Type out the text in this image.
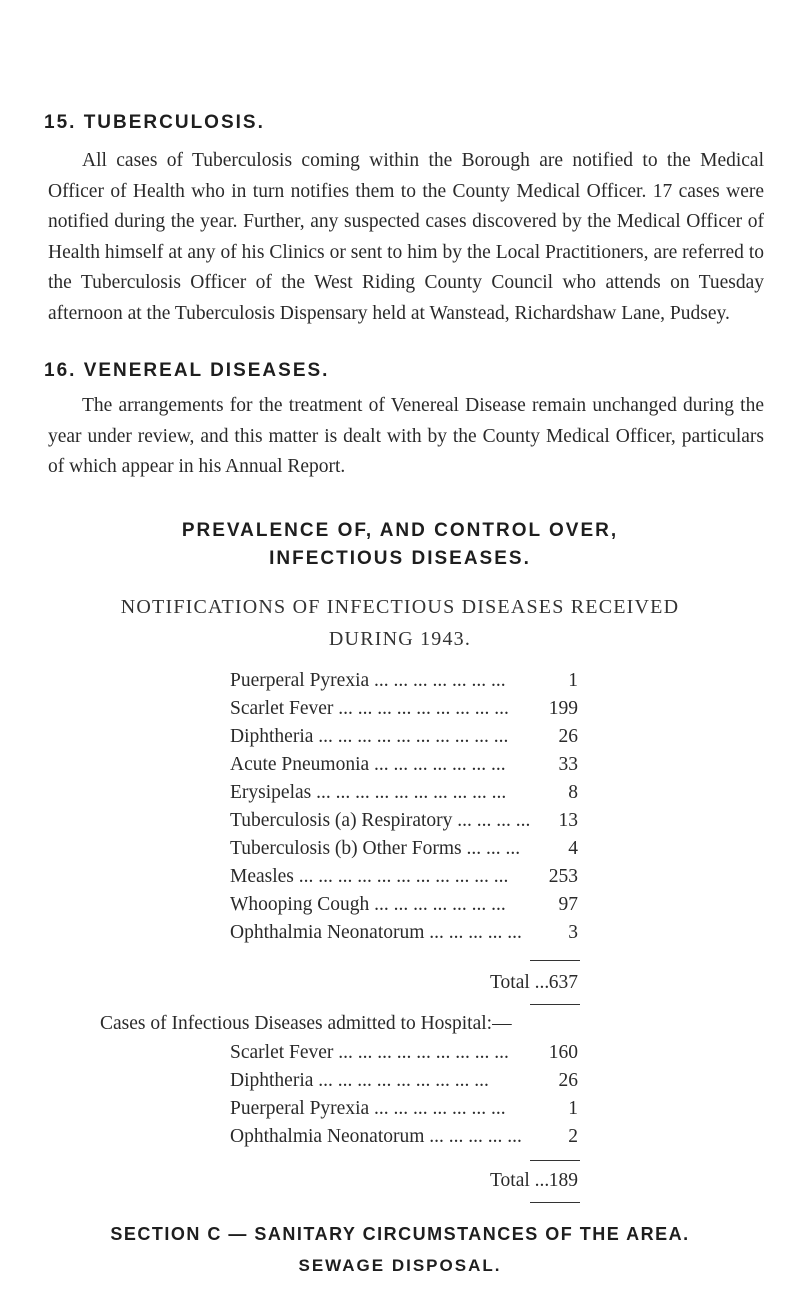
15. TUBERCULOSIS.
All cases of Tuberculosis coming within the Borough are notified to the Medical Officer of Health who in turn notifies them to the County Medical Officer. 17 cases were notified during the year. Further, any suspected cases discovered by the Medical Officer of Health himself at any of his Clinics or sent to him by the Local Practitioners, are referred to the Tuberculosis Officer of the West Riding County Council who attends on Tuesday afternoon at the Tuberculosis Dispensary held at Wanstead, Richardshaw Lane, Pudsey.
16. VENEREAL DISEASES.
The arrangements for the treatment of Venereal Disease remain unchanged during the year under review, and this matter is dealt with by the County Medical Officer, particulars of which appear in his Annual Report.
PREVALENCE OF, AND CONTROL OVER,
INFECTIOUS DISEASES.
NOTIFICATIONS OF INFECTIOUS DISEASES RECEIVED
DURING 1943.
Puerperal Pyrexia ... ... ... ... ... ... ...	1
Scarlet Fever ... ... ... ... ... ... ... ... ... 199
Diphtheria ... ... ... ... ... ... ... ... ... ...	26
Acute Pneumonia ... ... ... ... ... ... ...	33
Erysipelas ... ... ... ... ... ... ... ... ... ...	8
Tuberculosis (a) Respiratory ... ... ... ... 13
Tuberculosis (b) Other Forms ... ... ... 4
Measles ... ... ... ... ... ... ... ... ... ... ... 253
Whooping Cough ... ... ... ... ... ... ...	97
Ophthalmia Neonatorum ... ... ... ... ... 3
Total ... 637
Cases of Infectious Diseases admitted to Hospital:—
Scarlet Fever ... ... ... ... ... ... ... ... ... 160
Diphtheria ... ... ... ... ... ... ... ... ...	26
Puerperal Pyrexia ... ... ... ... ... ... ...	1
Ophthalmia Neonatorum ... ... ... ... ... 2
Total ... 189
SECTION C — SANITARY CIRCUMSTANCES OF THE AREA.
SEWAGE DISPOSAL.
